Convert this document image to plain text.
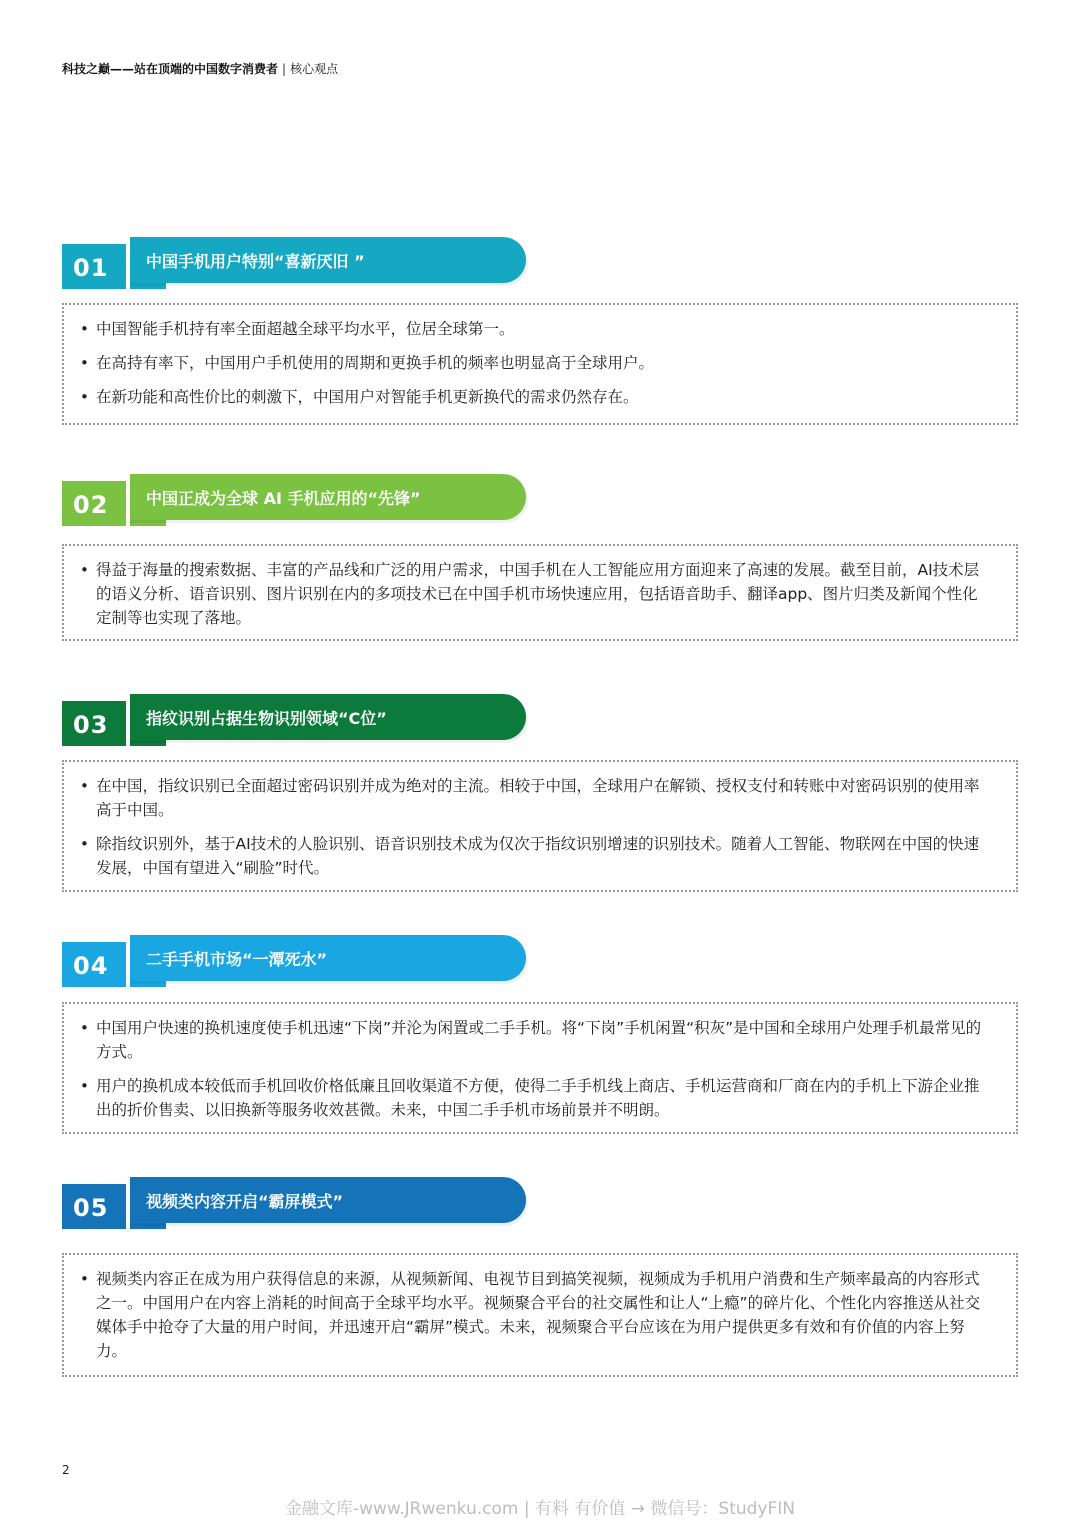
科技之巅——站在顶端的中国数字消费者 | 核心观点
01 中国手机用户特别“喜新厌旧 ”
• 中国智能手机持有率全面超越全球平均水平，位居全球第一。
• 在高持有率下，中国用户手机使用的周期和更换手机的频率也明显高于全球用户。
• 在新功能和高性价比的刺激下，中国用户对智能手机更新换代的需求仍然存在。
02 中国正成为全球 AI 手机应用的“先锋”
• 得益于海量的搜索数据、丰富的产品线和广泛的用户需求，中国手机在人工智能应用方面迎来了高速的发展。截至目前，AI技术层的语义分析、语音识别、图片识别在内的多项技术已在中国手机市场快速应用，包括语音助手、翻译app、图片归类及新闻个性化定制等也实现了落地。
03 指纹识别占据生物识别领域“C位”
• 在中国，指纹识别已全面超过密码识别并成为绝对的主流。相较于中国，全球用户在解锁、授权支付和转账中对密码识别的使用率高于中国。
• 除指纹识别外，基于AI技术的人脸识别、语音识别技术成为仅次于指纹识别增速的识别技术。随着人工智能、物联网在中国的快速发展，中国有望进入“刷脸”时代。
04 二手手机市场“一潭死水”
• 中国用户快速的换机速度使手机迅速“下岗”并沦为闲置或二手手机。将“下岗”手机闲置“积灰”是中国和全球用户处理手机最常见的方式。
• 用户的换机成本较低而手机回收价格低廉且回收渠道不方便，使得二手手机线上商店、手机运营商和厂商在内的手机上下游企业推出的折价售卖、以旧换新等服务收效甚微。未来，中国二手手机市场前景并不明朗。
05 视频类内容开启“霸屏模式”
• 视频类内容正在成为用户获得信息的来源，从视频新闻、电视节目到搞笑视频，视频成为手机用户消费和生产频率最高的内容形式之一。中国用户在内容上消耗的时间高于全球平均水平。视频聚合平台的社交属性和让人“上瘾”的碎片化、个性化内容推送从社交媒体手中抢夺了大量的用户时间，并迅速开启“霸屏”模式。未来，视频聚合平台应该在为用户提供更多有效和有价值的内容上努力。
2
金融文库-www.JRwenku.com | 有料 有价值 → 微信号：StudyFIN
